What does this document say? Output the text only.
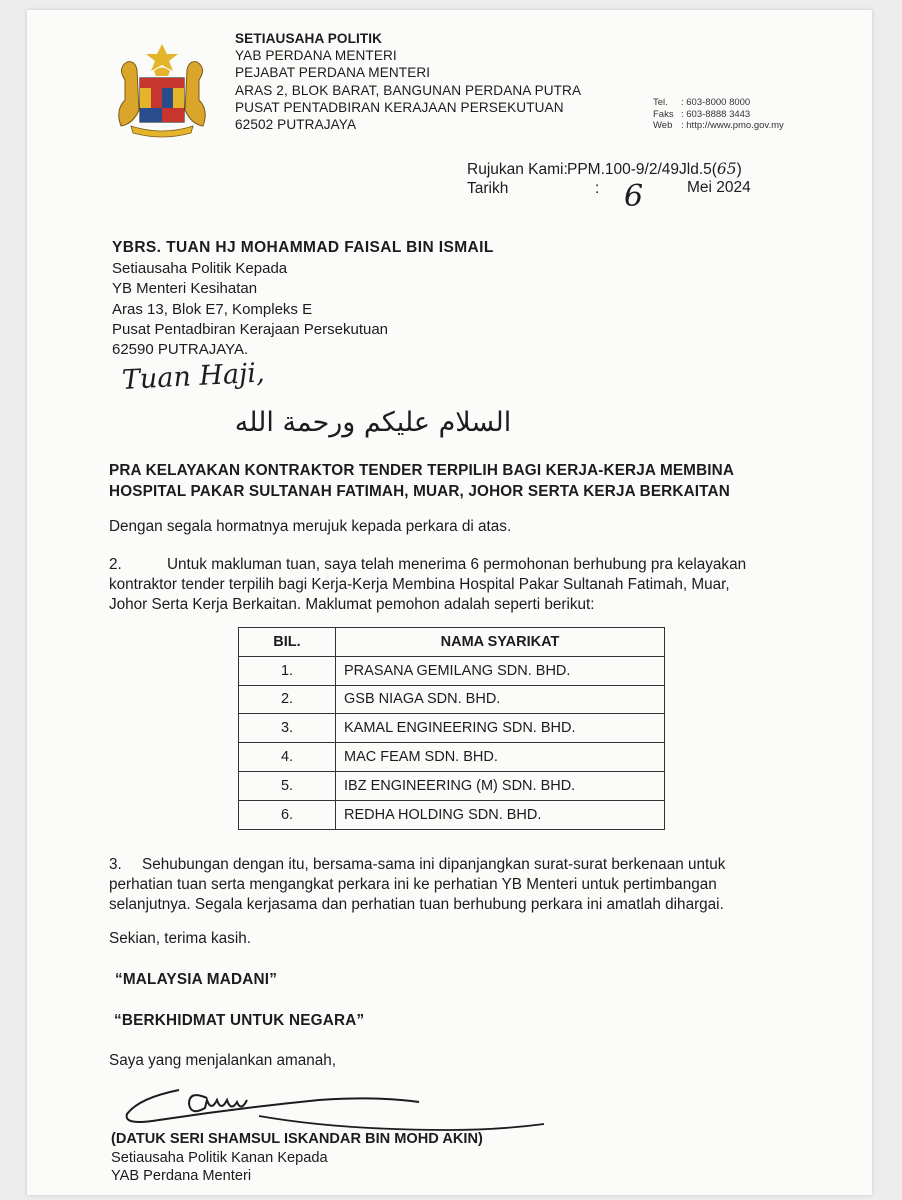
SETIAUSAHA POLITIK
YAB PERDANA MENTERI
PEJABAT PERDANA MENTERI
ARAS 2, BLOK BARAT, BANGUNAN PERDANA PUTRA
PUSAT PENTADBIRAN KERAJAAN PERSEKUTUAN
62502 PUTRAJAYA
Tel. : 603-8000 8000
Faks : 603-8888 3443
Web : http://www.pmo.gov.my
Rujukan Kami:PPM.100-9/2/49Jld.5(65)
Tarikh	: 6	Mei 2024
YBRS. TUAN HJ MOHAMMAD FAISAL BIN ISMAIL
Setiausaha Politik Kepada
YB Menteri Kesihatan
Aras 13, Blok E7, Kompleks E
Pusat Pentadbiran Kerajaan Persekutuan
62590 PUTRAJAYA.
Tuan Haji,
السلام عليكم ورحمة الله
PRA KELAYAKAN KONTRAKTOR TENDER TERPILIH BAGI KERJA-KERJA MEMBINA
HOSPITAL PAKAR SULTANAH FATIMAH, MUAR, JOHOR SERTA KERJA BERKAITAN
Dengan segala hormatnya merujuk kepada perkara di atas.
2.	Untuk makluman tuan, saya telah menerima 6 permohonan berhubung pra kelayakan
kontraktor tender terpilih bagi Kerja-Kerja Membina Hospital Pakar Sultanah Fatimah, Muar,
Johor Serta Kerja Berkaitan. Maklumat pemohon adalah seperti berikut:
BIL.	NAMA SYARIKAT
1.	PRASANA GEMILANG SDN. BHD.
2.	GSB NIAGA SDN. BHD.
3.	KAMAL ENGINEERING SDN. BHD.
4.	MAC FEAM SDN. BHD.
5.	IBZ ENGINEERING (M) SDN. BHD.
6.	REDHA HOLDING SDN. BHD.
3. Sehubungan dengan itu, bersama-sama ini dipanjangkan surat-surat berkenaan untuk
perhatian tuan serta mengangkat perkara ini ke perhatian YB Menteri untuk pertimbangan
selanjutnya. Segala kerjasama dan perhatian tuan berhubung perkara ini amatlah dihargai.
Sekian, terima kasih.
“MALAYSIA MADANI”
“BERKHIDMAT UNTUK NEGARA”
Saya yang menjalankan amanah,
(DATUK SERI SHAMSUL ISKANDAR BIN MOHD AKIN)
Setiausaha Politik Kanan Kepada
YAB Perdana Menteri
